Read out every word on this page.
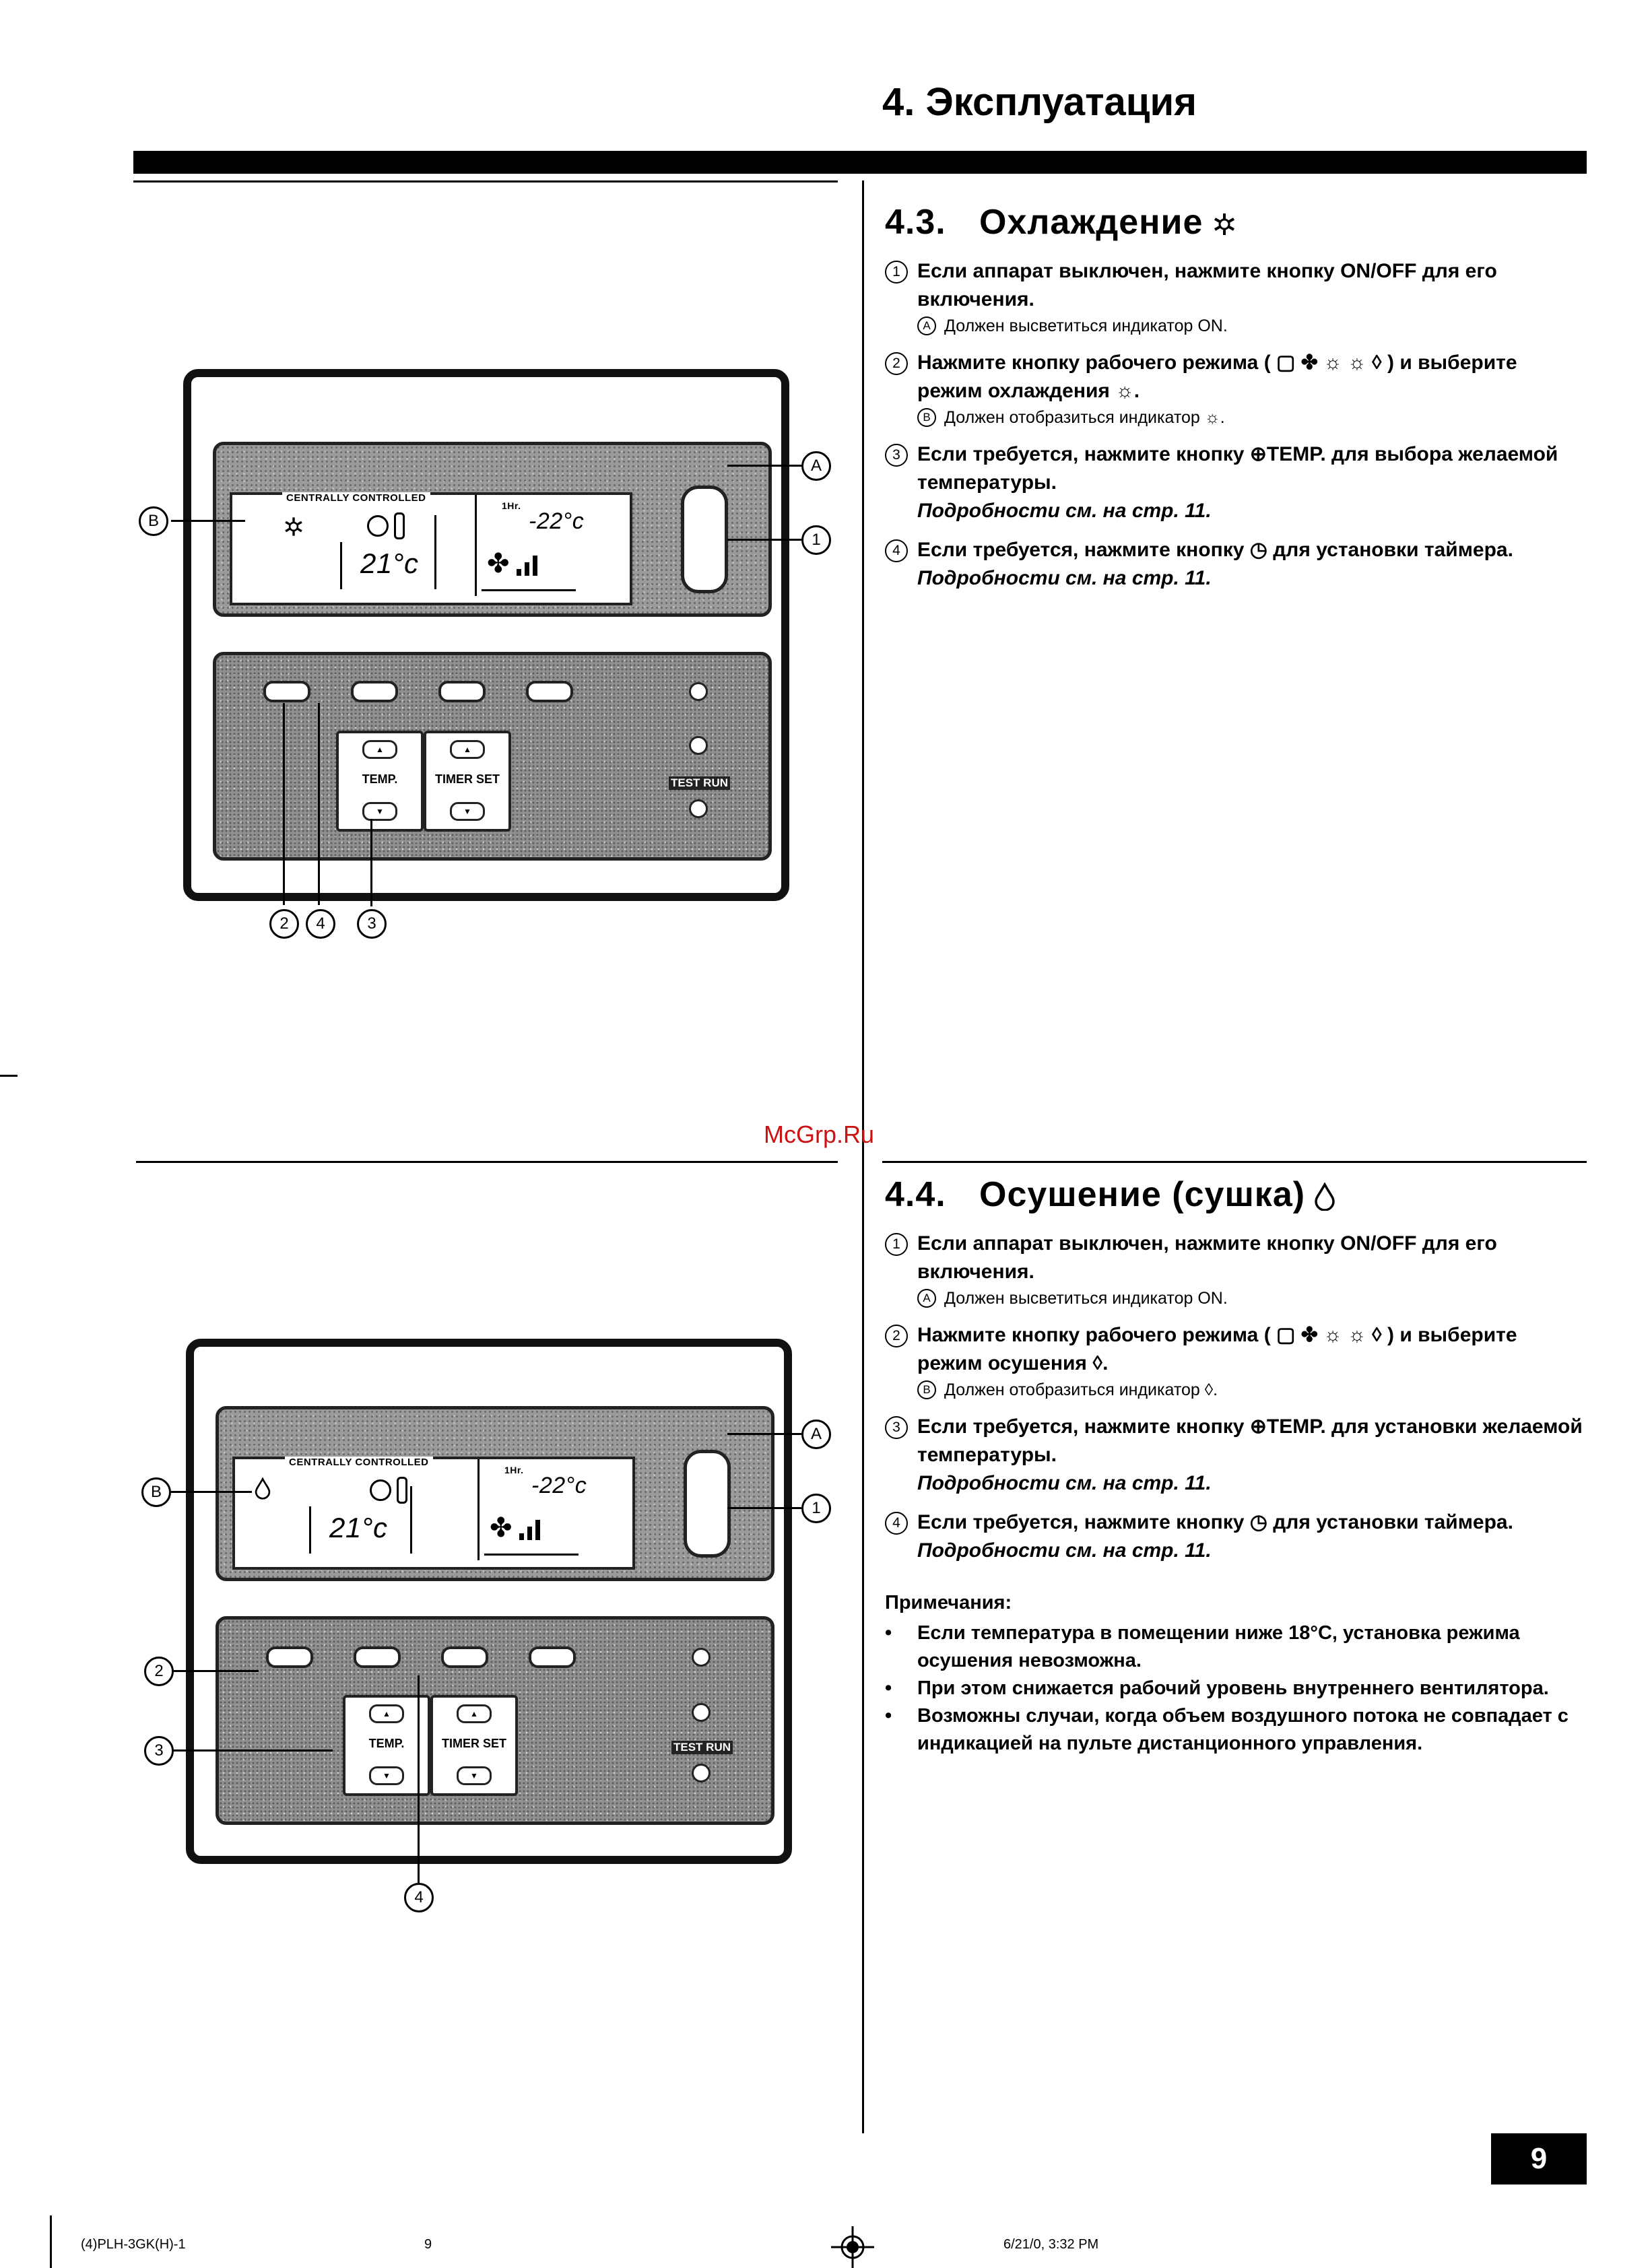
4. Эксплуатация
4.3. Охлаждение
1 Если аппарат выключен, нажмите кнопку ON/OFF для его включения.
A Должен высветиться индикатор ON.
2 Нажмите кнопку рабочего режима ( ▢ ✤ ☼ ☼ ◊ ) и выберите режим охлаждения ☼.
B Должен отобразиться индикатор ☼.
3 Если требуется, нажмите кнопку ⊕TEMP. для выбора желаемой температуры.
Подробности см. на стр. 11.
4 Если требуется, нажмите кнопку ◷ для установки таймера.
Подробности см. на стр. 11.
4.4. Осушение (сушка)
1 Если аппарат выключен, нажмите кнопку ON/OFF для его включения.
A Должен высветиться индикатор ON.
2 Нажмите кнопку рабочего режима ( ▢ ✤ ☼ ☼ ◊ ) и выберите режим осушения ◊.
B Должен отобразиться индикатор ◊.
3 Если требуется, нажмите кнопку ⊕TEMP. для установки желаемой температуры.
Подробности см. на стр. 11.
4 Если требуется, нажмите кнопку ◷ для установки таймера.
Подробности см. на стр. 11.
Примечания:
•	Если температура в помещении ниже 18°С, установка режима осушения невозможна.
•	При этом снижается рабочий уровень внутреннего вентилятора.
•	Возможны случаи, когда объем воздушного потока не совпадает с индикацией на пульте дистанционного управления.
CENTRALLY CONTROLLED
21°c
1Hr.
-22°c
✤
TEST RUN
▲
TEMP.
▼
▲
TIMER SET
▼
A
1
B
2	4	3
CENTRALLY CONTROLLED
21°c
1Hr.
-22°c
✤
TEST RUN
▲
TEMP.
▼
▲
TIMER SET
▼
A
1
B
2
3
4
McGrp.Ru
9
(4)PLH-3GK(H)-1	9	6/21/0, 3:32 PM
